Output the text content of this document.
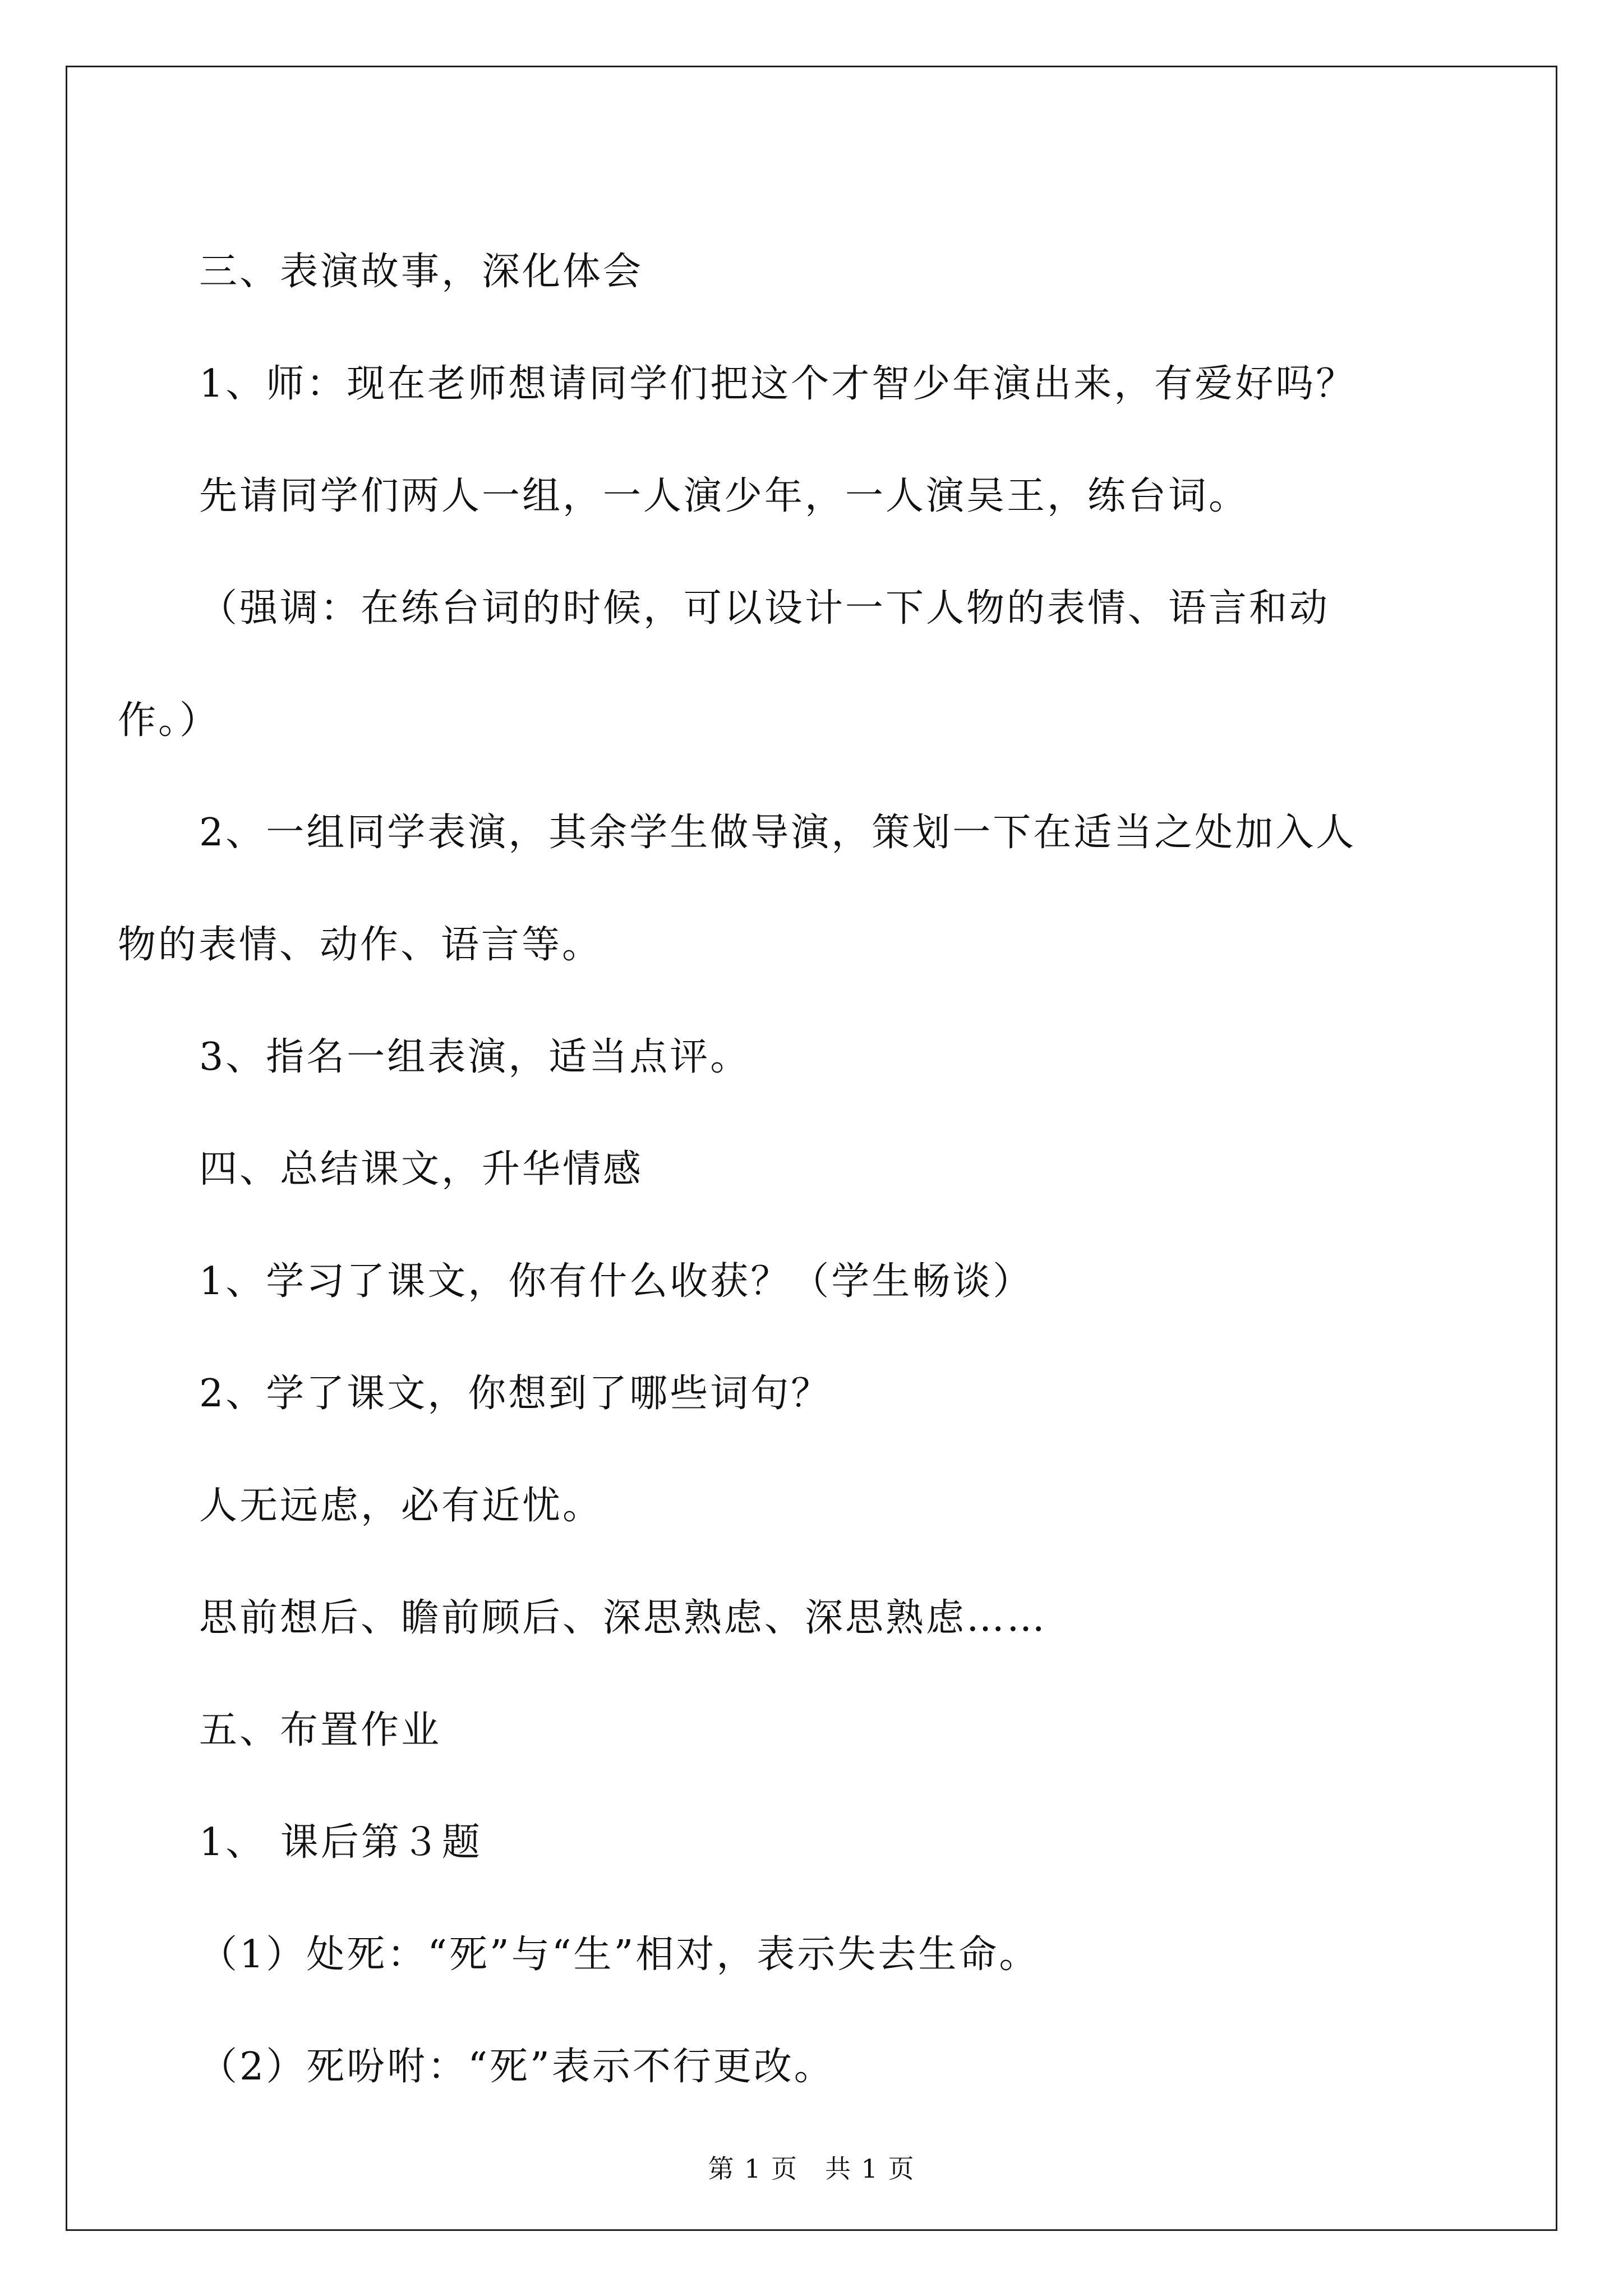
三、表演故事，深化体会

1、师：现在老师想请同学们把这个才智少年演出来，有爱好吗？

先请同学们两人一组，一人演少年，一人演吴王，练台词。

（强调：在练台词的时候，可以设计一下人物的表情、语言和动
作。）

2、一组同学表演，其余学生做导演，策划一下在适当之处加入人
物的表情、动作、语言等。

3、指名一组表演，适当点评。

四、总结课文，升华情感

1、学习了课文，你有什么收获？（学生畅谈）

2、学了课文，你想到了哪些词句？

人无远虑，必有近忧。

思前想后、瞻前顾后、深思熟虑、深思熟虑……

五、布置作业

1、 课后第３题

（1）处死：“死”与“生”相对，表示失去生命。

（2）死吩咐：“死”表示不行更改。

第 1 页　共 1 页
